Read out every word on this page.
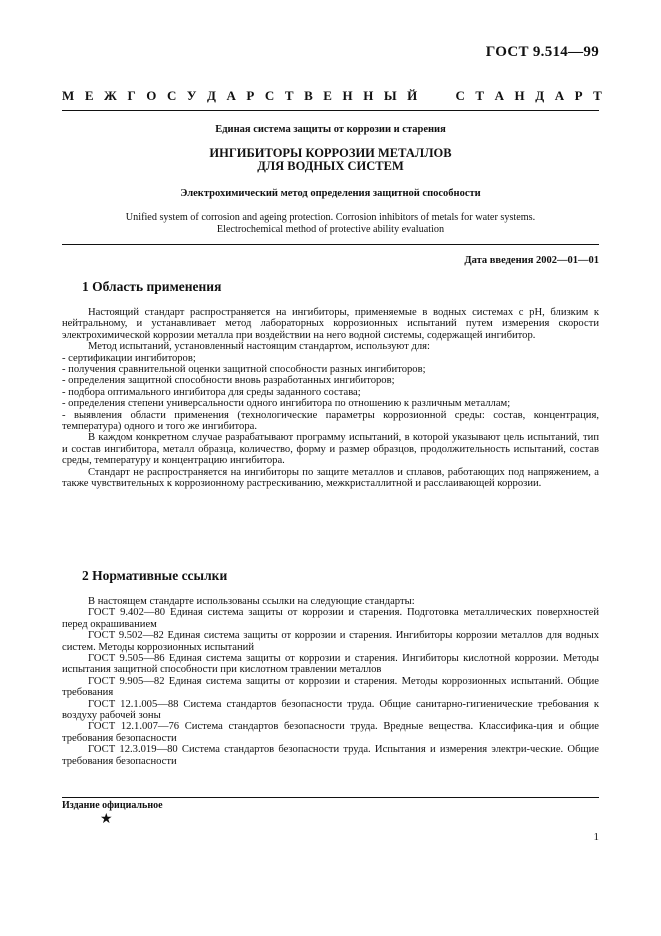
ГОСТ 9.514—99
М Е Ж Г О С У Д А Р С Т В Е Н Н Ы Й

	С Т А Н Д А Р Т
Единая система защиты от коррозии и старения
ИНГИБИТОРЫ КОРРОЗИИ МЕТАЛЛОВ
ДЛЯ ВОДНЫХ СИСТЕМ
Электрохимический метод определения защитной способности
Unified system of corrosion and ageing protection. Corrosion inhibitors of metals for water systems.
Electrochemical method of protective ability evaluation
Дата введения 2002—01—01
1 Область применения

Настоящий стандарт распространяется на ингибиторы, применяемые в водных системах с pH, близким к нейтральному, и устанавливает метод лабораторных коррозионных испытаний путем измерения скорости электрохимической коррозии металла при воздействии на него водной системы, содержащей ингибитор.

Метод испытаний, установленный настоящим стандартом, используют для:

- сертификации ингибиторов;

- получения сравнительной оценки защитной способности разных ингибиторов;

- определения защитной способности вновь разработанных ингибиторов;

- подбора оптимального ингибитора для среды заданного состава;

- определения степени универсальности одного ингибитора по отношению к различным металлам;

- выявления области применения (технологические параметры коррозионной среды: состав, концентрация, температура) одного и того же ингибитора.

В каждом конкретном случае разрабатывают программу испытаний, в которой указывают цель испытаний, тип и состав ингибитора, металл образца, количество, форму и размер образцов, продолжительность испытаний, состав среды, температуру и концентрацию ингибитора.

Стандарт не распространяется на ингибиторы по защите металлов и сплавов, работающих под напряжением, а также чувствительных к коррозионному растрескиванию, межкристаллитной и расслаивающей коррозии.

2 Нормативные ссылки

В настоящем стандарте использованы ссылки на следующие стандарты:

ГОСТ 9.402—80 Единая система защиты от коррозии и старения. Подготовка металлических поверхностей перед окрашиванием

ГОСТ 9.502—82 Единая система защиты от коррозии и старения. Ингибиторы коррозии металлов для водных систем. Методы коррозионных испытаний

ГОСТ 9.505—86 Единая система защиты от коррозии и старения. Ингибиторы кислотной коррозии. Методы испытания защитной способности при кислотном травлении металлов

ГОСТ 9.905—82 Единая система защиты от коррозии и старения. Методы коррозионных испытаний. Общие требования

ГОСТ 12.1.005—88 Система стандартов безопасности труда. Общие санитарно-гигиенические требования к воздуху рабочей зоны

ГОСТ 12.1.007—76 Система стандартов безопасности труда. Вредные вещества. Классифика-ция и общие требования безопасности

ГОСТ 12.3.019—80 Система стандартов безопасности труда. Испытания и измерения электри-ческие. Общие требования безопасности

Издание официальное
★
1
